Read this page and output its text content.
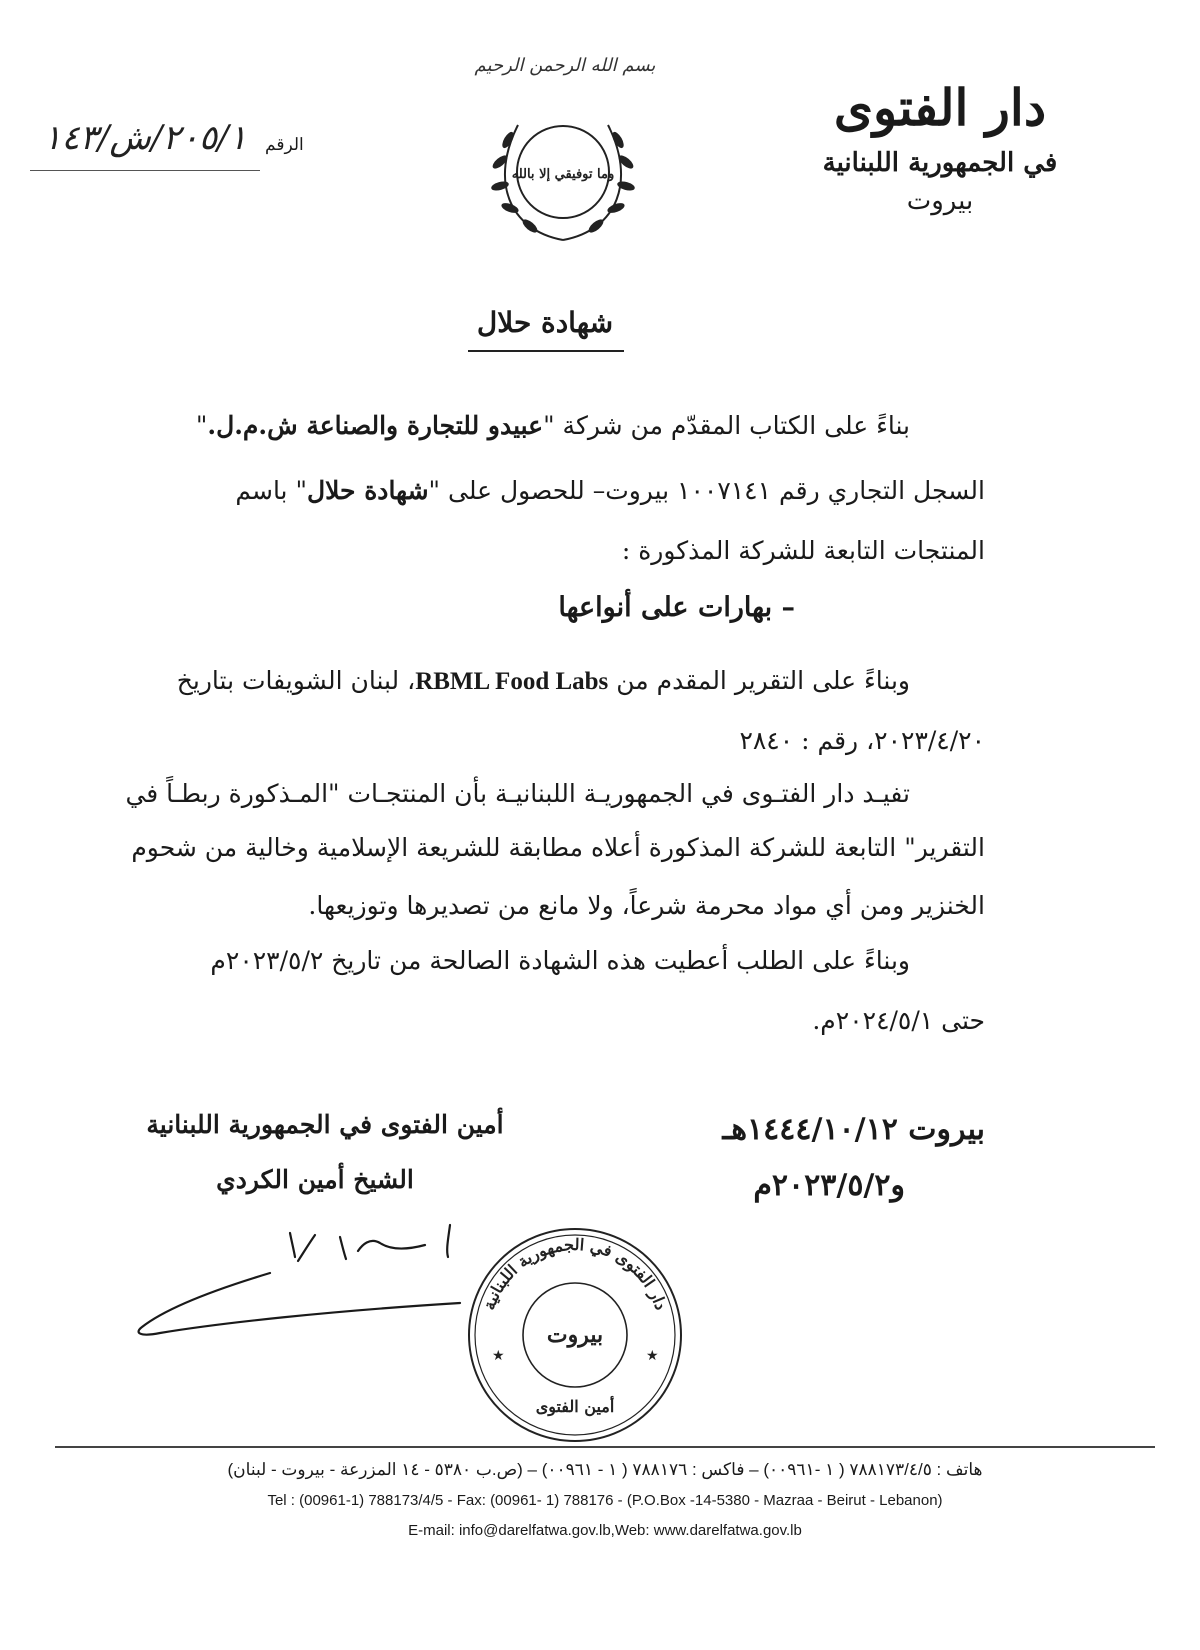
بسم الله الرحمن الرحيم
دار الفتوى
في الجمهورية اللبنانية
بيروت
وما توفيقي إلا بالله
الرقم
٢٠٥/١/ش/١٤٣
شهادة حلال
بناءً على الكتاب المقدّم من شركة "عبيدو للتجارة والصناعة ش.م.ل."
السجل التجاري رقم ١٠٠٧١٤١ بيروت– للحصول على "شهادة حلال" باسم
المنتجات التابعة للشركة المذكورة :
– بهارات على أنواعها
وبناءً على التقرير المقدم من RBML Food Labs، لبنان الشويفات بتاريخ
٢٠٢٣/٤/٢٠، رقم : ٢٨٤٠
تفيـد دار الفتـوى في الجمهوريـة اللبنانيـة بأن المنتجـات "المـذكورة ربطـاً في
التقرير" التابعة للشركة المذكورة أعلاه مطابقة للشريعة الإسلامية وخالية من شحوم
الخنزير ومن أي مواد محرمة شرعاً، ولا مانع من تصديرها وتوزيعها.
وبناءً على الطلب أعطيت هذه الشهادة الصالحة من تاريخ ٢٠٢٣/٥/٢م
حتى ٢٠٢٤/٥/١م.
بيروت ١٤٤٤/١٠/١٢هـ
و٢٠٢٣/٥/٢م
أمين الفتوى في الجمهورية اللبنانية
الشيخ أمين الكردي
دار الفتوى في الجمهورية اللبنانية
بيروت
أمين الفتوى
★	★
هاتف : ٧٨٨١٧٣/٤/٥ ( ١ -٠٠٩٦١) – فاكس : ٧٨٨١٧٦ ( ١ - ٠٠٩٦١) – (ص.ب ٥٣٨٠ - ١٤ المزرعة - بيروت - لبنان)
Tel : (00961-1) 788173/4/5 - Fax: (00961- 1) 788176 - (P.O.Box -14-5380 - Mazraa - Beirut - Lebanon)
E-mail: info@darelfatwa.gov.lb,Web: www.darelfatwa.gov.lb
